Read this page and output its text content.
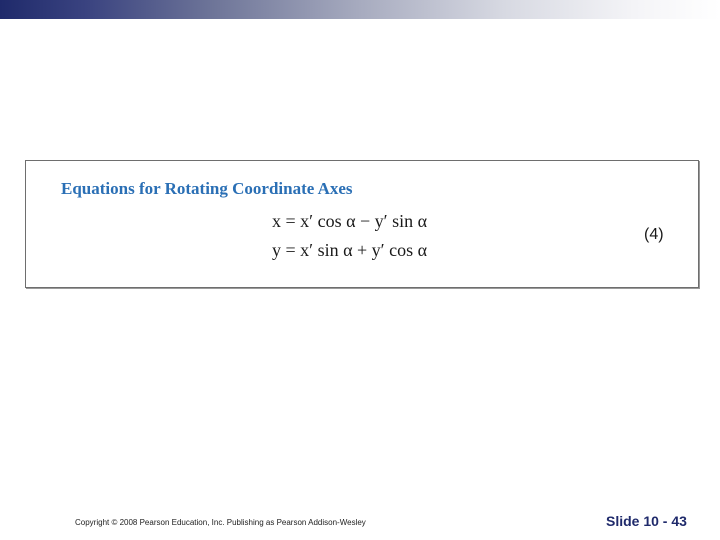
Equations for Rotating Coordinate Axes
x = x′ cos α − y′ sin α
y = x′ sin α + y′ cos α
(4)
Copyright © 2008 Pearson Education, Inc. Publishing as Pearson Addison-Wesley	Slide 10 - 43
